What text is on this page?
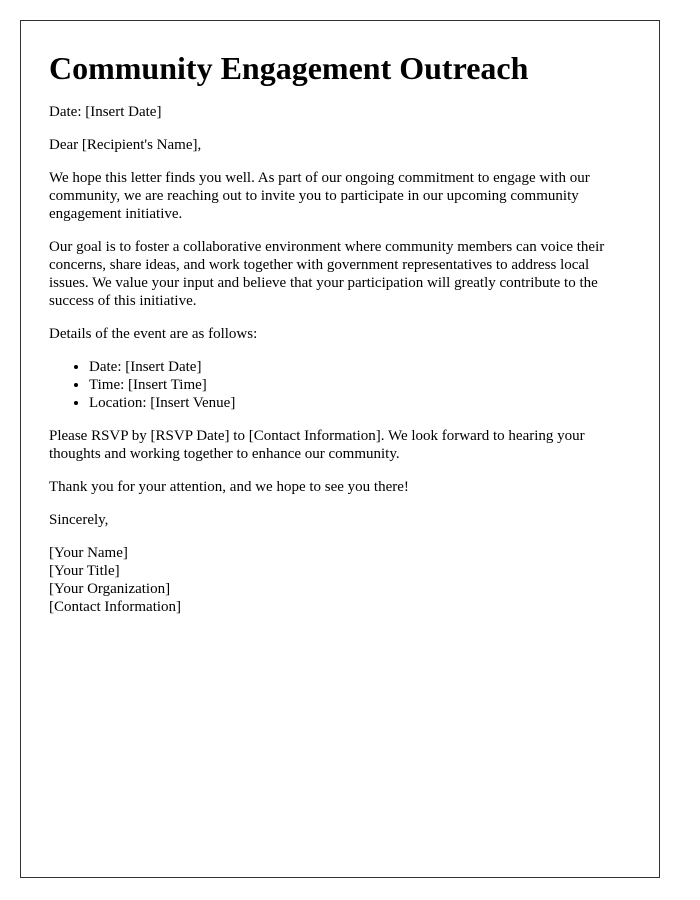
Community Engagement Outreach

Date: [Insert Date]

Dear [Recipient's Name],

We hope this letter finds you well. As part of our ongoing commitment to engage with our community, we are reaching out to invite you to participate in our upcoming community engagement initiative.

Our goal is to foster a collaborative environment where community members can voice their concerns, share ideas, and work together with government representatives to address local issues. We value your input and believe that your participation will greatly contribute to the success of this initiative.

Details of the event are as follows:

• Date: [Insert Date]
• Time: [Insert Time]
• Location: [Insert Venue]

Please RSVP by [RSVP Date] to [Contact Information]. We look forward to hearing your thoughts and working together to enhance our community.

Thank you for your attention, and we hope to see you there!

Sincerely,

[Your Name]
[Your Title]
[Your Organization]
[Contact Information]
